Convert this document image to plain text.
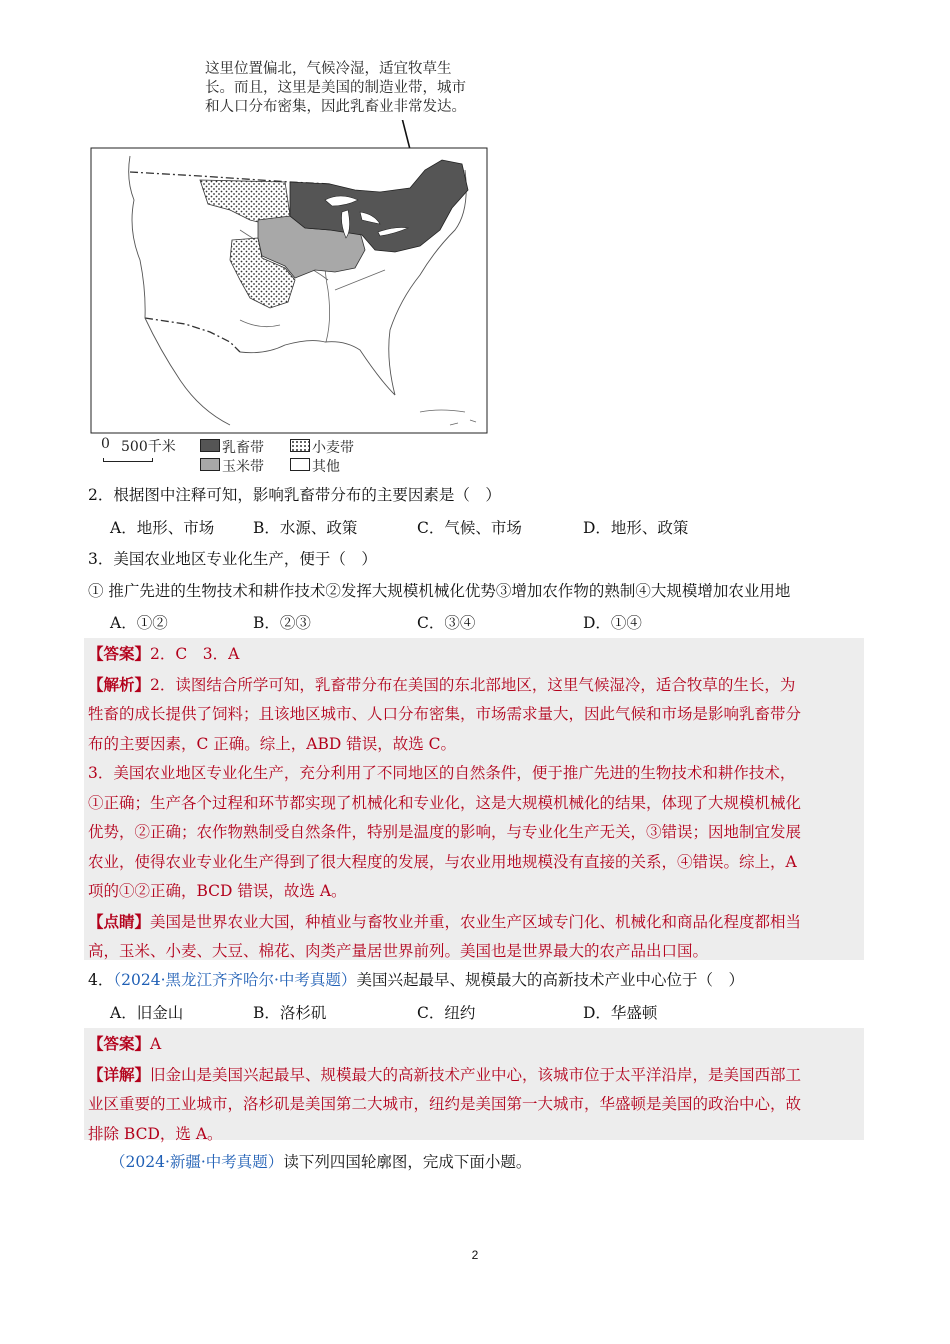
这里位置偏北，气候冷湿，适宜牧草生
长。而且，这里是美国的制造业带，城市
和人口分布密集，因此乳畜业非常发达。
0 500千米	乳畜带	小麦带
玉米带	其他
2．根据图中注释可知，影响乳畜带分布的主要因素是（　）
A．地形、市场	B．水源、政策	C．气候、市场	D．地形、政策
3．美国农业地区专业化生产，便于（　）
① 推广先进的生物技术和耕作技术②发挥大规模机械化优势③增加农作物的熟制④大规模增加农业用地
A．①②	B．②③	C．③④	D．①④
【答案】2．C　3．A
【解析】2．读图结合所学可知，乳畜带分布在美国的东北部地区，这里气候湿冷，适合牧草的生长，为
牲畜的成长提供了饲料；且该地区城市、人口分布密集，市场需求量大，因此气候和市场是影响乳畜带分
布的主要因素，C 正确。综上，ABD 错误，故选 C。
3．美国农业地区专业化生产，充分利用了不同地区的自然条件，便于推广先进的生物技术和耕作技术，
①正确；生产各个过程和环节都实现了机械化和专业化，这是大规模机械化的结果，体现了大规模机械化
优势，②正确；农作物熟制受自然条件，特别是温度的影响，与专业化生产无关，③错误；因地制宜发展
农业，使得农业专业化生产得到了很大程度的发展，与农业用地规模没有直接的关系，④错误。综上，A
项的①②正确，BCD 错误，故选 A。
【点睛】美国是世界农业大国，种植业与畜牧业并重，农业生产区域专门化、机械化和商品化程度都相当
高，玉米、小麦、大豆、棉花、肉类产量居世界前列。美国也是世界最大的农产品出口国。
4．（2024·黑龙江齐齐哈尔·中考真题）美国兴起最早、规模最大的高新技术产业中心位于（　）
A．旧金山	B．洛杉矶	C．纽约	D．华盛顿
【答案】A
【详解】旧金山是美国兴起最早、规模最大的高新技术产业中心，该城市位于太平洋沿岸，是美国西部工
业区重要的工业城市，洛杉矶是美国第二大城市，纽约是美国第一大城市，华盛顿是美国的政治中心，故
排除 BCD，选 A。
（2024·新疆·中考真题）读下列四国轮廓图，完成下面小题。
2
